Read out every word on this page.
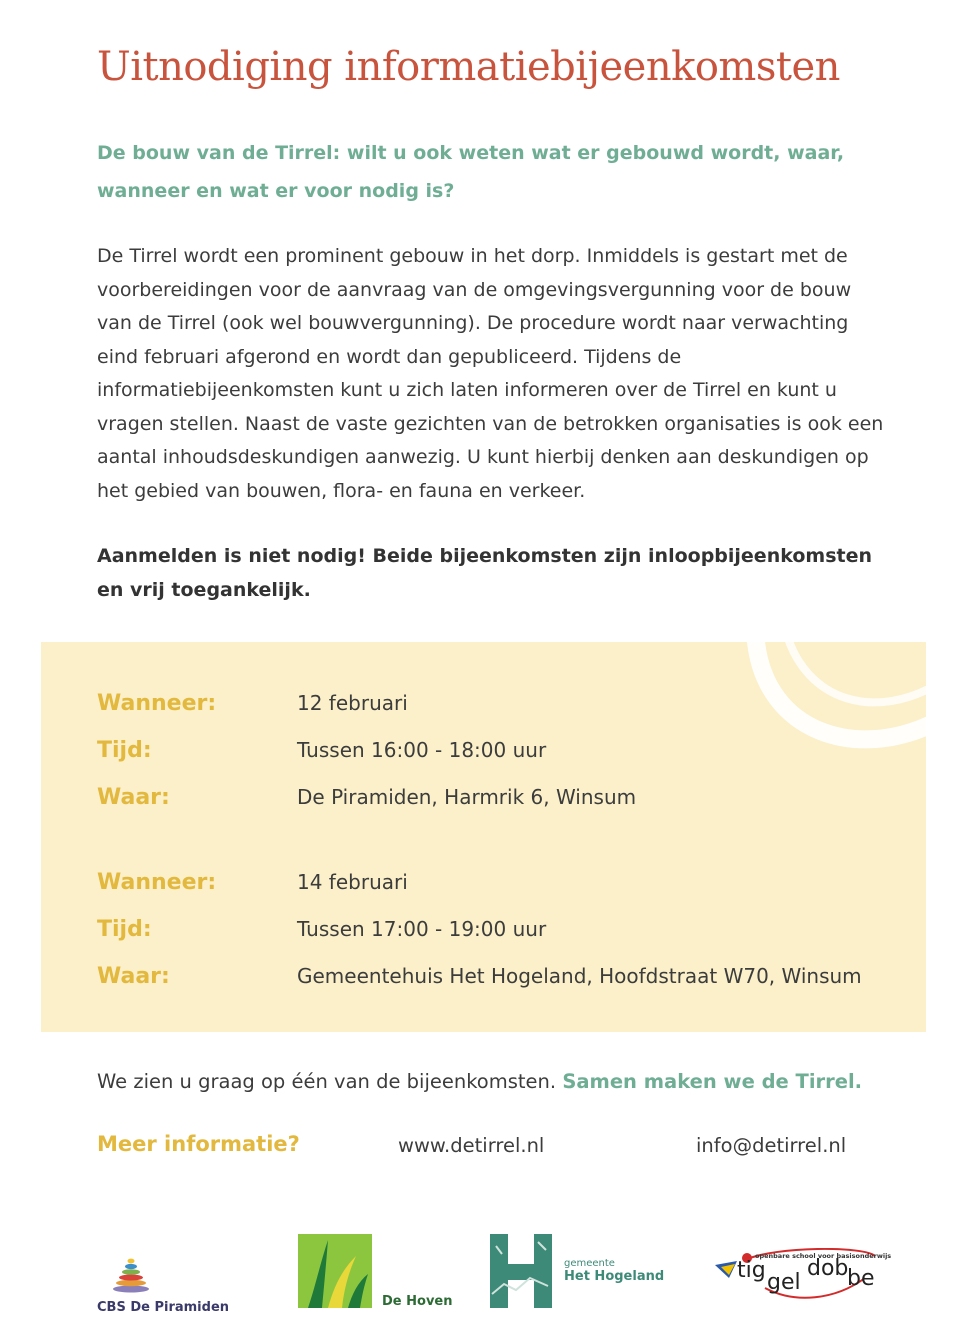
Uitnodiging informatiebijeenkomsten

De bouw van de Tirrel: wilt u ook weten wat er gebouwd wordt, waar, wanneer en wat er voor nodig is?

De Tirrel wordt een prominent gebouw in het dorp. Inmiddels is gestart met de voorbereidingen voor de aanvraag van de omgevingsvergunning voor de bouw van de Tirrel (ook wel bouwvergunning). De procedure wordt naar verwachting eind februari afgerond en wordt dan gepubliceerd. Tijdens de informatiebijeenkomsten kunt u zich laten informeren over de Tirrel en kunt u vragen stellen. Naast de vaste gezichten van de betrokken organisaties is ook een aantal inhoudsdeskundigen aanwezig. U kunt hierbij denken aan deskundigen op het gebied van bouwen, flora- en fauna en verkeer.

Aanmelden is niet nodig! Beide bijeenkomsten zijn inloopbijeenkomsten en vrij toegankelijk.

Wanneer:	12 februari
Tijd:	Tussen 16:00 - 18:00 uur
Waar:	De Piramiden, Harmrik 6, Winsum
Wanneer:	14 februari
Tijd:	Tussen 17:00 - 19:00 uur
Waar:	Gemeentehuis Het Hogeland, Hoofdstraat W70, Winsum

We zien u graag op één van de bijeenkomsten. Samen maken we de Tirrel.

Meer informatie?	www.detirrel.nl	info@detirrel.nl
CBS De Piramiden	De Hoven
gemeente
Het Hogeland
openbare school voor basisonderwijs
tig gel
dob
be
